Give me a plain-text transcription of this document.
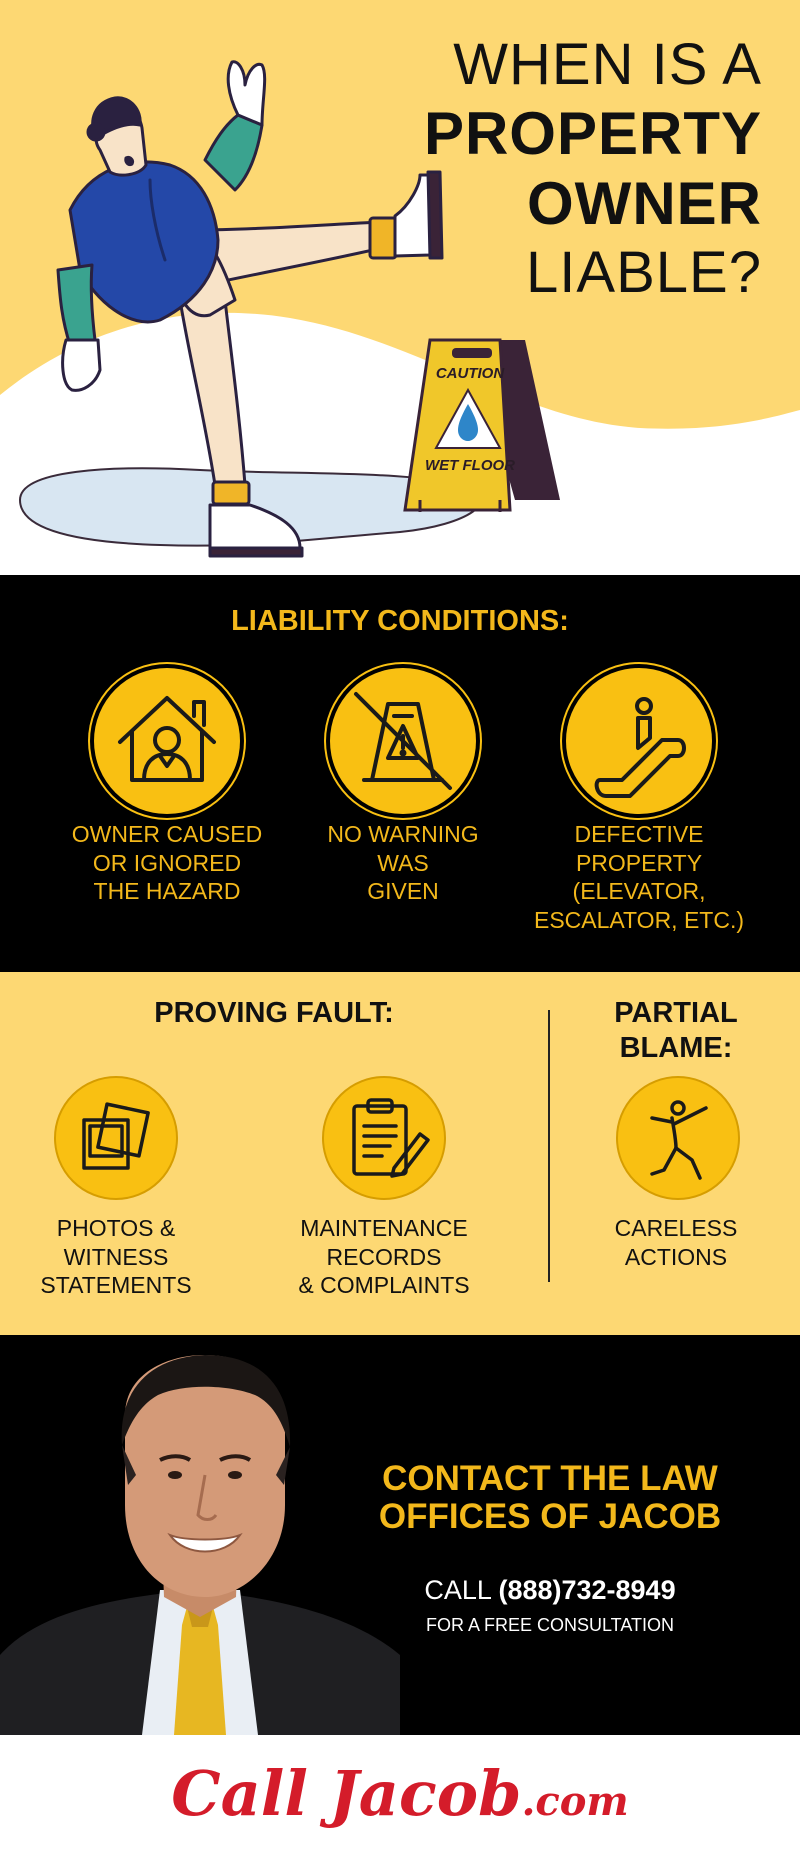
CAUTION
WET FLOOR
WHEN IS A
PROPERTY
OWNER
LIABLE?
LIABILITY CONDITIONS:
OWNER CAUSED
OR IGNORED
THE HAZARD
NO WARNING
WAS
GIVEN
DEFECTIVE
PROPERTY
(ELEVATOR,
ESCALATOR, ETC.)
PROVING FAULT:
PHOTOS &
WITNESS
STATEMENTS
MAINTENANCE
RECORDS
& COMPLAINTS
PARTIAL
BLAME:
CARELESS
ACTIONS
CONTACT THE LAW
OFFICES OF JACOB
CALL (888)732-8949
FOR A FREE CONSULTATION
Call Jacob.com
